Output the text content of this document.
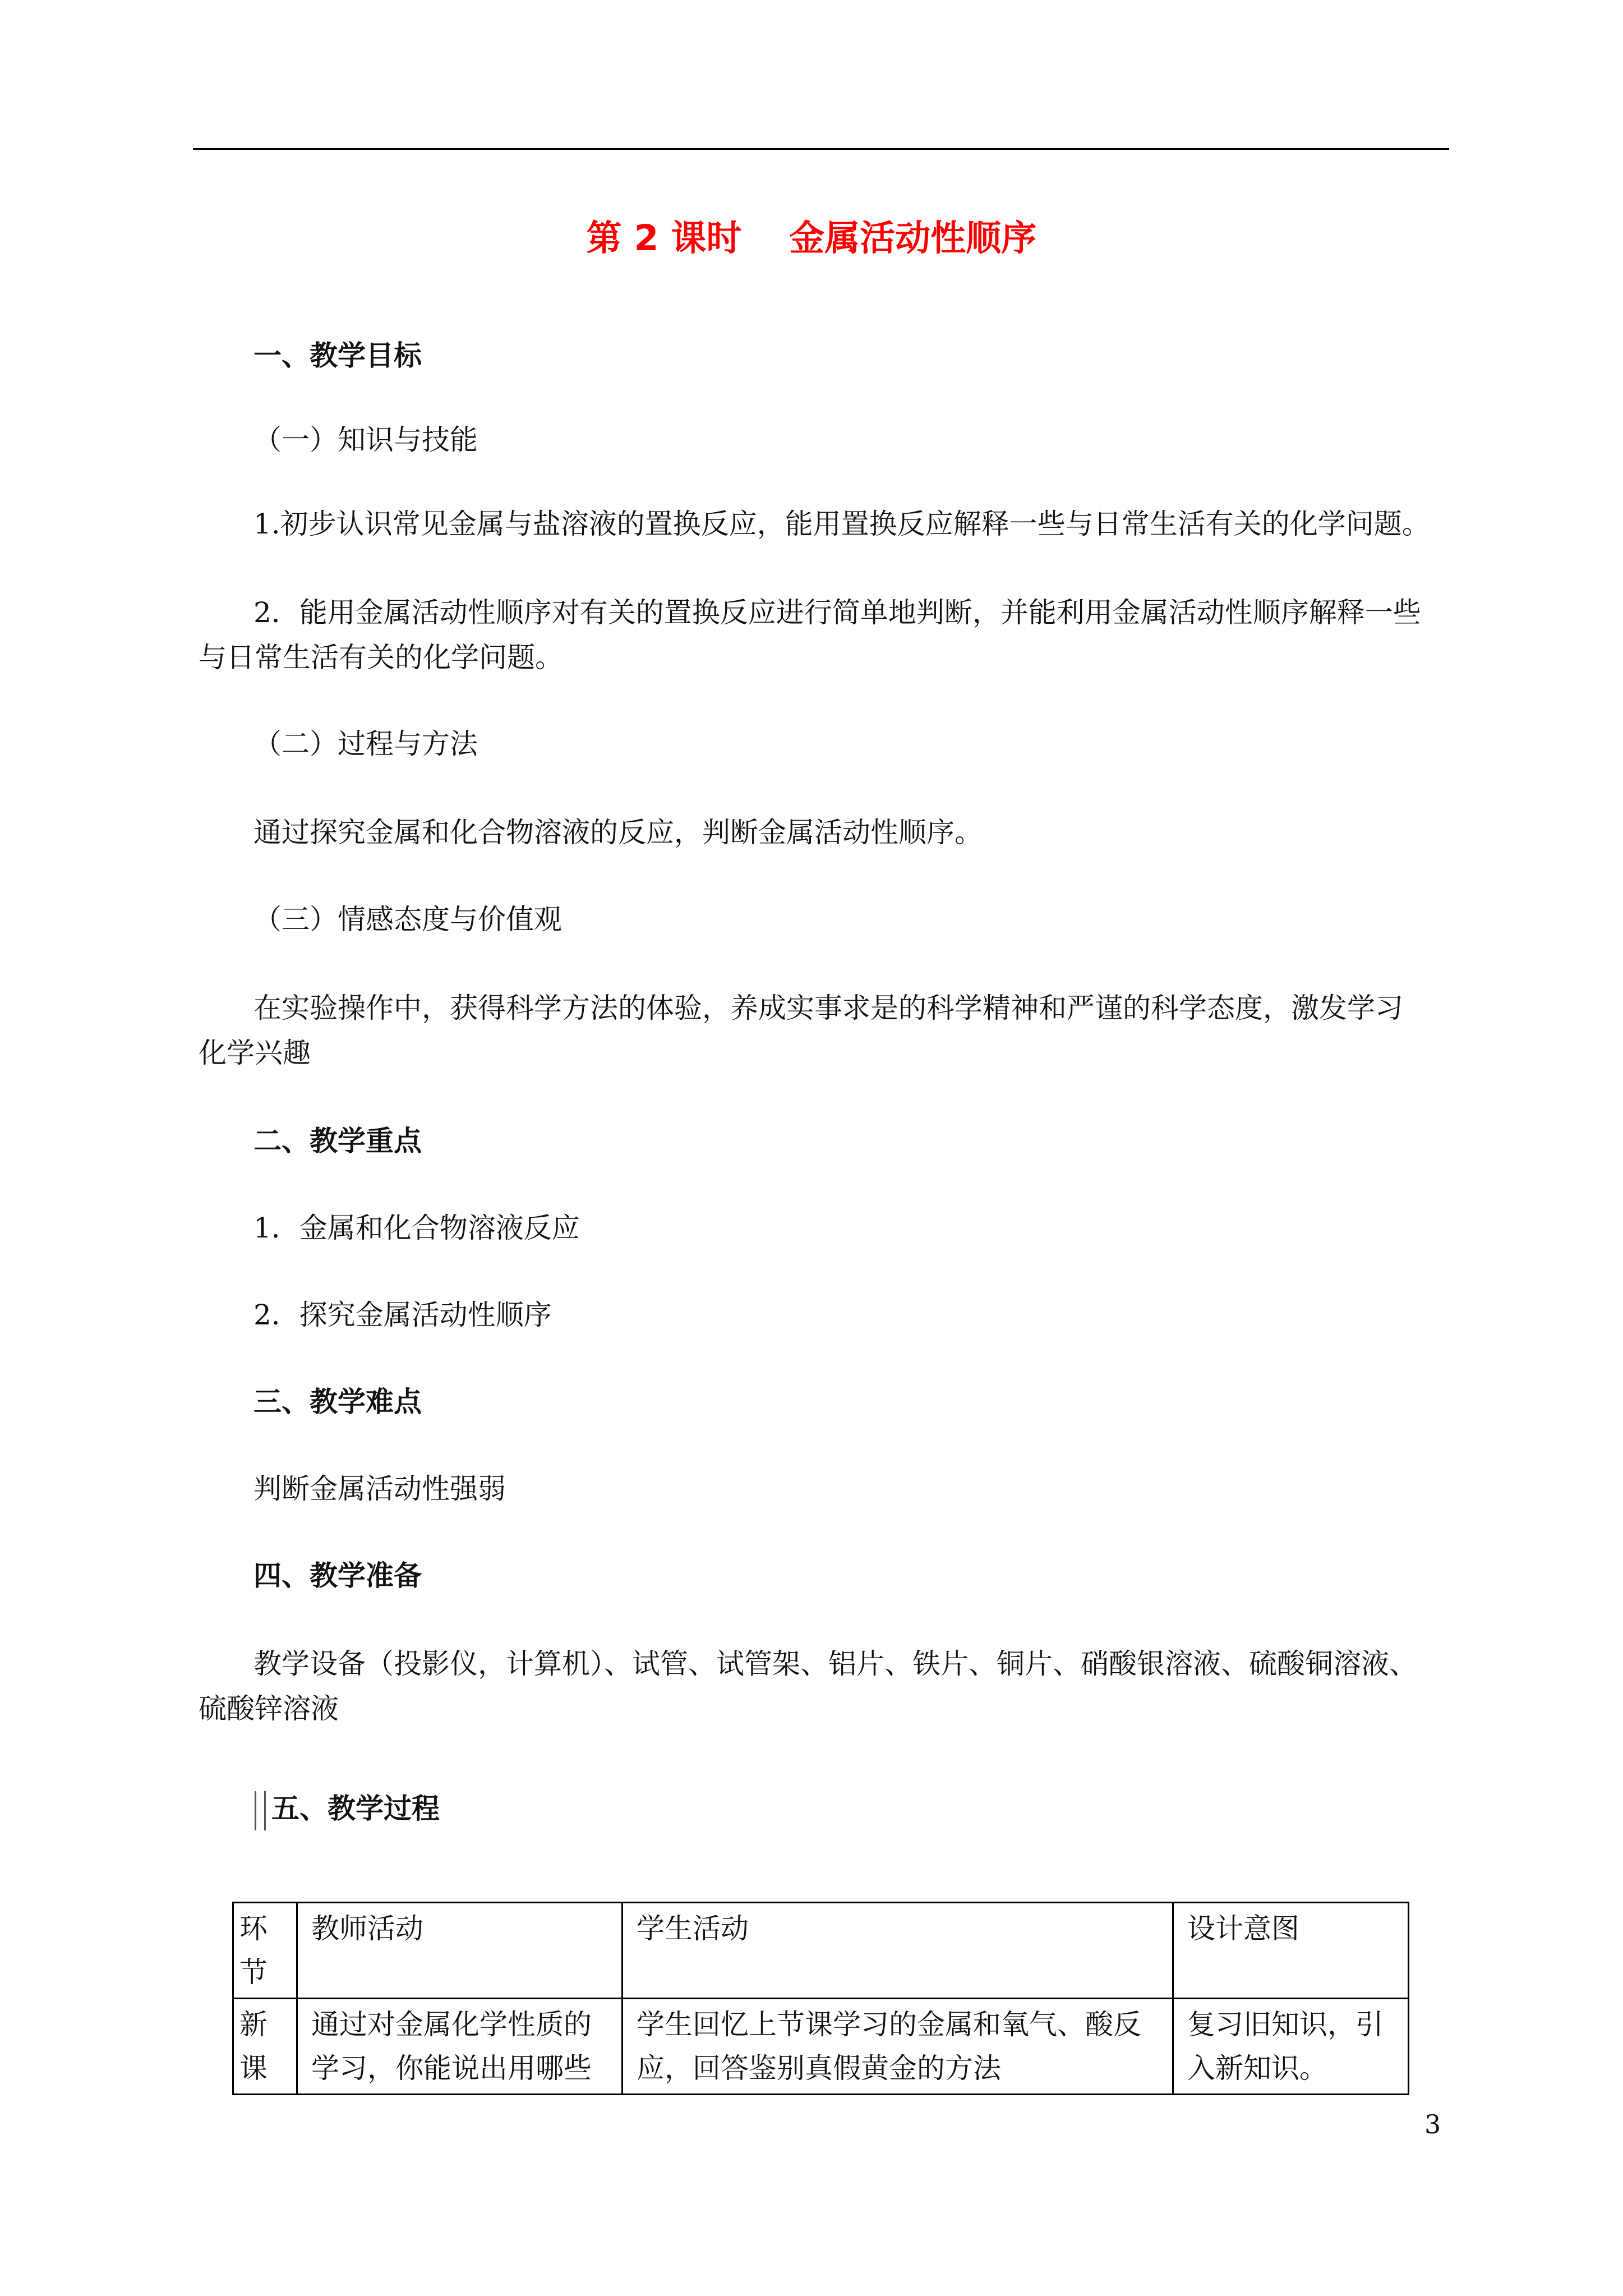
第 2 课时　 金属活动性顺序
一、教学目标
（一）知识与技能
1.初步认识常见金属与盐溶液的置换反应，能用置换反应解释一些与日常生活有关的化学问题。
2．能用金属活动性顺序对有关的置换反应进行简单地判断，并能利用金属活动性顺序解释一些
与日常生活有关的化学问题。
（二）过程与方法
通过探究金属和化合物溶液的反应，判断金属活动性顺序。
（三）情感态度与价值观
在实验操作中，获得科学方法的体验，养成实事求是的科学精神和严谨的科学态度，激发学习
化学兴趣
二、教学重点
1．金属和化合物溶液反应
2．探究金属活动性顺序
三、教学难点
判断金属活动性强弱
四、教学准备
教学设备（投影仪，计算机）、试管、试管架、铝片、铁片、铜片、硝酸银溶液、硫酸铜溶液、
硫酸锌溶液
五、教学过程
环节	教师活动	学生活动	设计意图
新课	通过对金属化学性质的学习，你能说出用哪些	学生回忆上节课学习的金属和氧气、酸反应，回答鉴别真假黄金的方法	复习旧知识，引入新知识。
3
